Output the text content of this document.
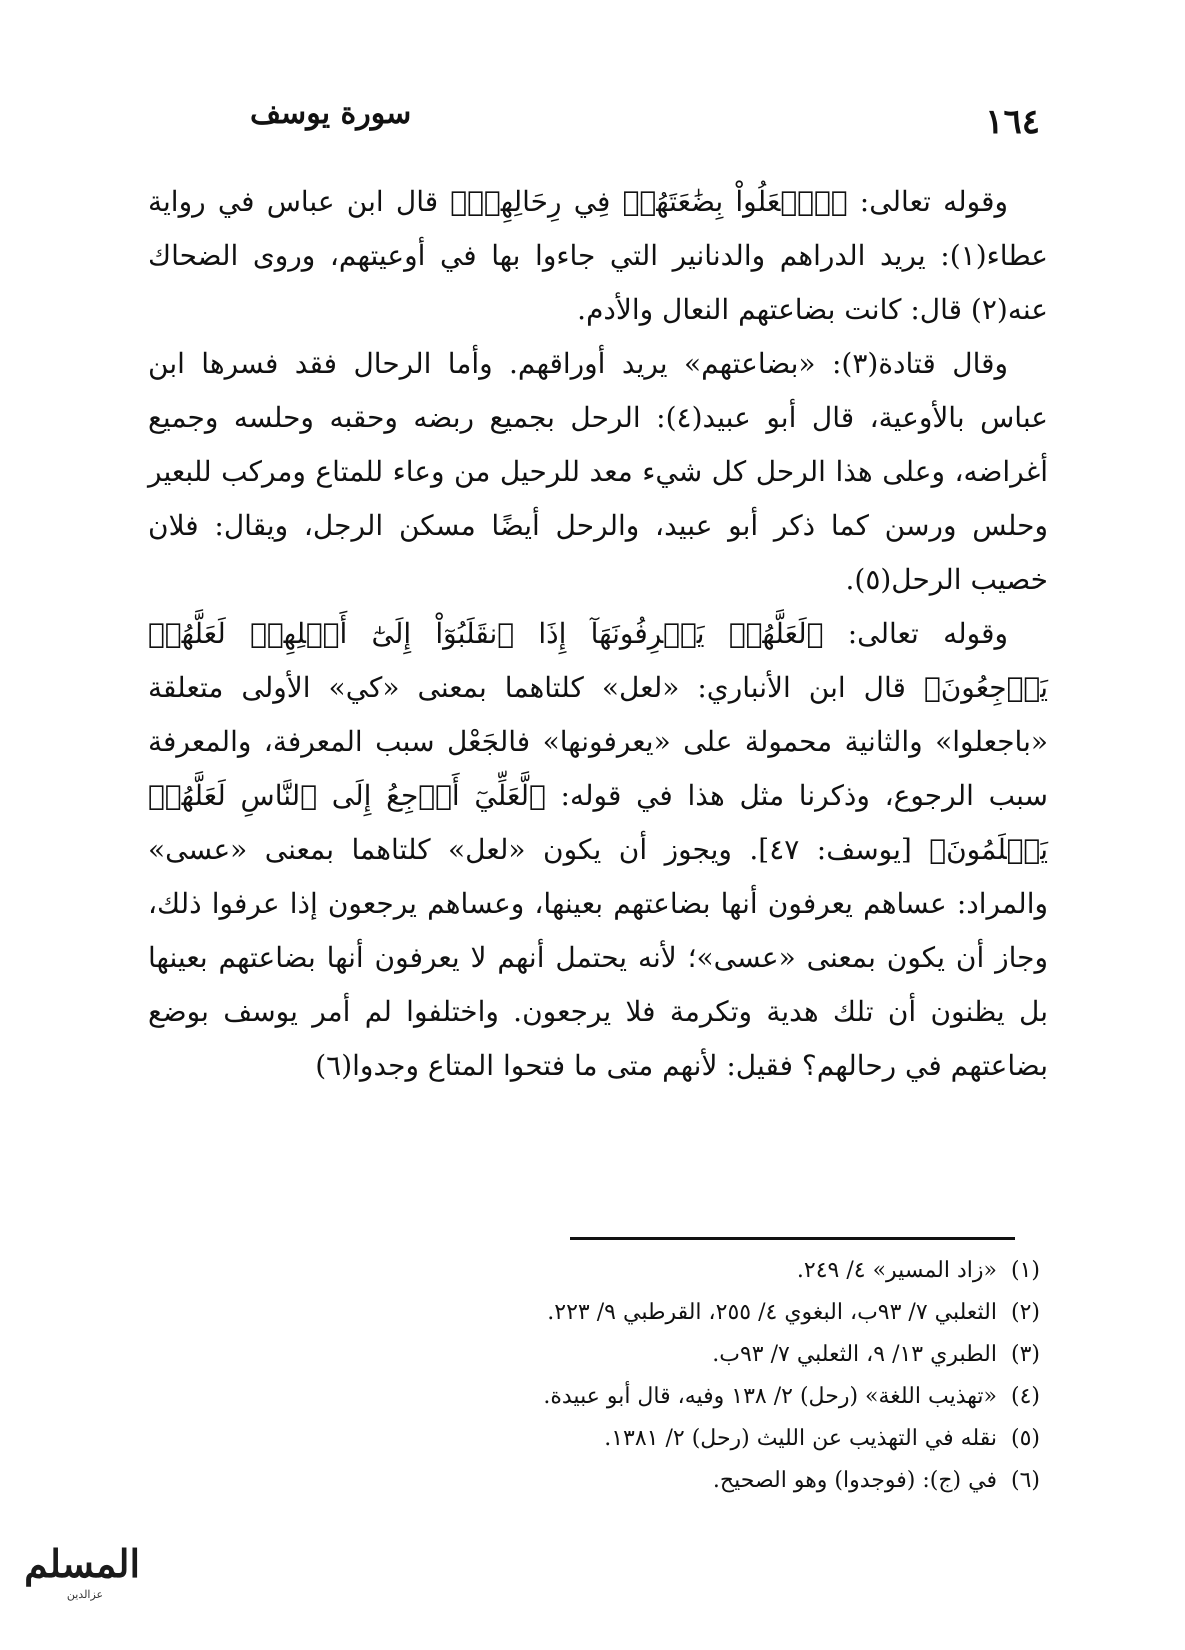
١٦٤
سورة يوسف

وقوله تعالى: ﴿ٱجۡعَلُواْ بِضَٰعَتَهُمۡ فِي رِحَالِهِمۡ﴾ قال ابن عباس في رواية عطاء(١): يريد الدراهم والدنانير التي جاءوا بها في أوعيتهم، وروى الضحاك عنه(٢) قال: كانت بضاعتهم النعال والأدم.

وقال قتادة(٣): «بضاعتهم» يريد أوراقهم. وأما الرحال فقد فسرها ابن عباس بالأوعية، قال أبو عبيد(٤): الرحل بجميع ربضه وحقبه وحلسه وجميع أغراضه، وعلى هذا الرحل كل شيء معد للرحيل من وعاء للمتاع ومركب للبعير وحلس ورسن كما ذكر أبو عبيد، والرحل أيضًا مسكن الرجل، ويقال: فلان خصيب الرحل(٥).

وقوله تعالى: ﴿لَعَلَّهُمۡ يَعۡرِفُونَهَآ إِذَا ٱنقَلَبُوٓاْ إِلَىٰٓ أَهۡلِهِمۡ لَعَلَّهُمۡ يَرۡجِعُونَ﴾ قال ابن الأنباري: «لعل» كلتاهما بمعنى «كي» الأولى متعلقة «باجعلوا» والثانية محمولة على «يعرفونها» فالجَعْل سبب المعرفة، والمعرفة سبب الرجوع، وذكرنا مثل هذا في قوله: ﴿لَّعَلِّيٓ أَرۡجِعُ إِلَى ٱلنَّاسِ لَعَلَّهُمۡ يَعۡلَمُونَ﴾ [يوسف: ٤٧]. ويجوز أن يكون «لعل» كلتاهما بمعنى «عسى» والمراد: عساهم يعرفون أنها بضاعتهم بعينها، وعساهم يرجعون إذا عرفوا ذلك، وجاز أن يكون بمعنى «عسى»؛ لأنه يحتمل أنهم لا يعرفون أنها بضاعتهم بعينها بل يظنون أن تلك هدية وتكرمة فلا يرجعون. واختلفوا لم أمر يوسف بوضع بضاعتهم في رحالهم؟ فقيل: لأنهم متى ما فتحوا المتاع وجدوا(٦)

(١)«زاد المسير» ٤/ ٢٤٩.
(٢)الثعلبي ٧/ ٩٣ب، البغوي ٤/ ٢٥٥، القرطبي ٩/ ٢٢٣.
(٣)الطبري ١٣/ ٩، الثعلبي ٧/ ٩٣ب.
(٤)«تهذيب اللغة» (رحل) ٢/ ١٣٨ وفيه، قال أبو عبيدة.
(٥)نقله في التهذيب عن الليث (رحل) ٢/ ١٣٨١.
(٦)في (ج): (فوجدوا) وهو الصحيح.
المسلم
عزالدين
